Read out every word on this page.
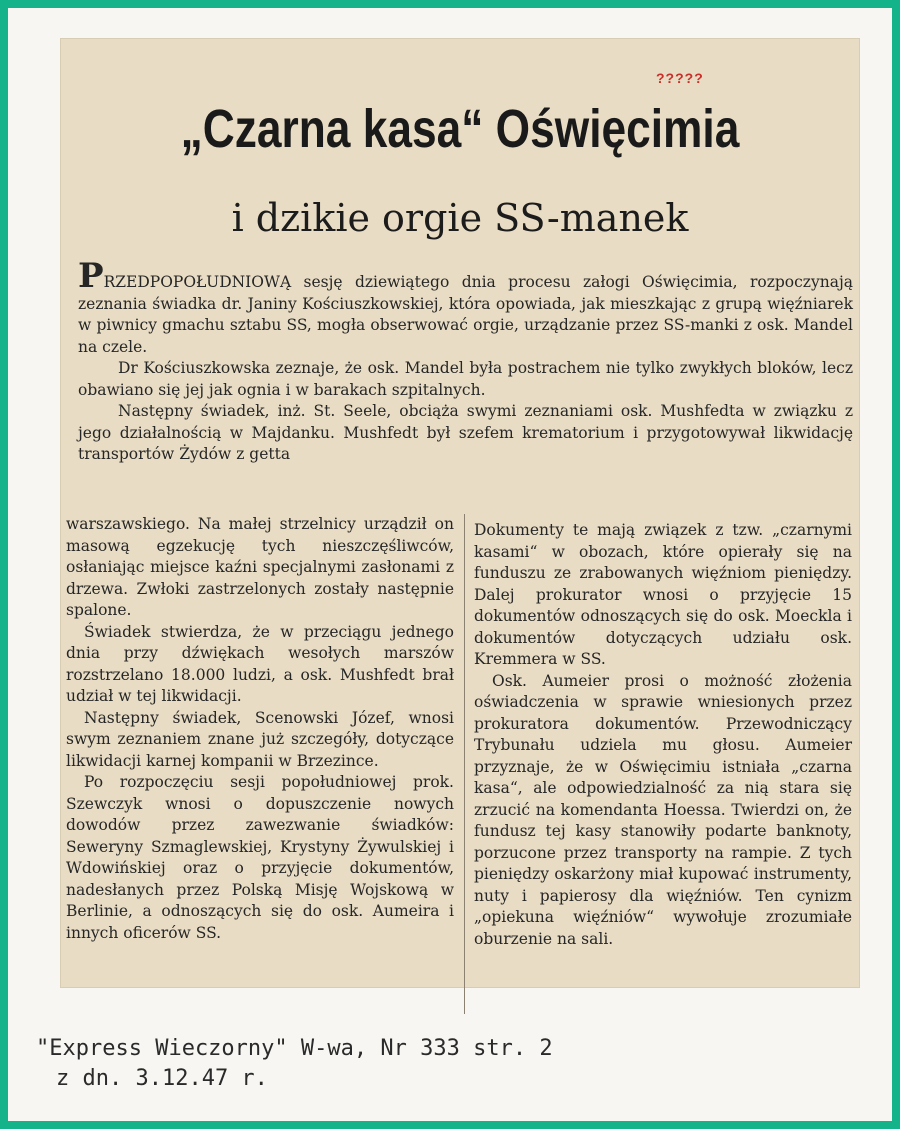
?????
„Czarna kasa“ Oświęcimia
i dzikie orgie SS-manek

PRZEDPOPOŁUDNIOWĄ sesję dziewiątego dnia procesu załogi Oświęcimia, rozpoczynają zeznania świadka dr. Janiny Kościuszkowskiej, która opowiada, jak mieszkając z grupą więźniarek w piwnicy gmachu sztabu SS, mogła obserwować orgie, urządzanie przez SS-manki z osk. Mandel na czele.

Dr Kościuszkowska zeznaje, że osk. Mandel była postrachem nie tylko zwykłych bloków, lecz obawiano się jej jak ognia i w barakach szpitalnych.

Następny świadek, inż. St. Seele, obciąża swymi zeznaniami osk. Mushfedta w związku z jego działalnością w Majdanku. Mushfedt był szefem krematorium i przygotowywał likwidację transportów Żydów z getta

warszawskiego. Na małej strzelnicy urządził on masową egzekucję tych nieszczęśliwców, osłaniając miejsce kaźni specjalnymi zasłonami z drzewa. Zwłoki zastrzelonych zostały następnie spalone.

Świadek stwierdza, że w przeciągu jednego dnia przy dźwiękach wesołych marszów rozstrzelano 18.000 ludzi, a osk. Mushfedt brał udział w tej likwidacji.

Następny świadek, Scenowski Józef, wnosi swym zeznaniem znane już szczegóły, dotyczące likwidacji karnej kompanii w Brzezince.

Po rozpoczęciu sesji popołudniowej prok. Szewczyk wnosi o dopuszczenie nowych dowodów przez zawezwanie świadków: Seweryny Szmaglewskiej, Krystyny Żywulskiej i Wdowińskiej oraz o przyjęcie dokumentów, nadesłanych przez Polską Misję Wojskową w Berlinie, a odnoszących się do osk. Aumeira i innych oficerów SS.

Dokumenty te mają związek z tzw. „czarnymi kasami“ w obozach, które opierały się na funduszu ze zrabowanych więźniom pieniędzy. Dalej prokurator wnosi o przyjęcie 15 dokumentów odnoszących się do osk. Moeckla i dokumentów dotyczących udziału osk. Kremmera w SS.

Osk. Aumeier prosi o możność złożenia oświadczenia w sprawie wniesionych przez prokuratora dokumentów. Przewodniczący Trybunału udziela mu głosu. Aumeier przyznaje, że w Oświęcimiu istniała „czarna kasa“, ale odpowiedzialność za nią stara się zrzucić na komendanta Hoessa. Twierdzi on, że fundusz tej kasy stanowiły podarte banknoty, porzucone przez transporty na rampie. Z tych pieniędzy oskarżony miał kupować instrumenty, nuty i papierosy dla więźniów. Ten cynizm „opiekuna więźniów“ wywołuje zrozumiałe oburzenie na sali.

"Express Wieczorny" W-wa, Nr 333 str. 2
z dn. 3.12.47 r.
